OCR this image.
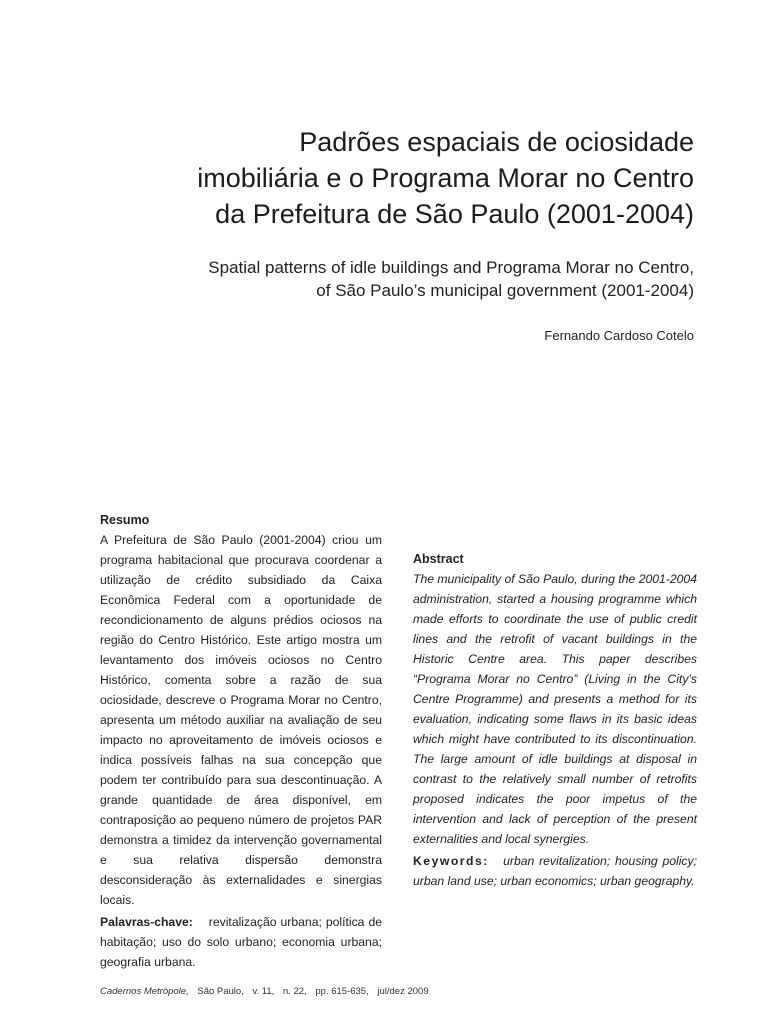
Padrões espaciais de ociosidade
imobiliária e o Programa Morar no Centro
da Prefeitura de São Paulo (2001-2004)
Spatial patterns of idle buildings and Programa Morar no Centro,
of São Paulo’s municipal government (2001-2004)
Fernando Cardoso Cotelo
Resumo

A Prefeitura de São Paulo (2001-2004) criou um programa habitacional que procurava coordenar a utilização de crédito subsidiado da Caixa Econômica Federal com a oportunidade de recondicionamento de alguns prédios ociosos na região do Centro Histórico. Este artigo mostra um levantamento dos imóveis ociosos no Centro Histórico, comenta sobre a razão de sua ociosidade, descreve o Programa Morar no Centro, apresenta um método auxiliar na avaliação de seu impacto no aproveitamento de imóveis ociosos e indica possíveis falhas na sua concepção que podem ter contribuído para sua descontinuação. A grande quantidade de área disponível, em contraposição ao pequeno número de projetos PAR demonstra a timidez da intervenção governamental e sua relativa dispersão demonstra desconsideração às externalidades e sinergias locais.

Palavras-chave: revitalização urbana; política de habitação; uso do solo urbano; economia urbana; geografia urbana.

Abstract

The municipality of São Paulo, during the 2001-2004 administration, started a housing programme which made efforts to coordinate the use of public credit lines and the retrofit of vacant buildings in the Historic Centre area. This paper describes “Programa Morar no Centro” (Living in the City’s Centre Programme) and presents a method for its evaluation, indicating some flaws in its basic ideas which might have contributed to its discontinuation. The large amount of idle buildings at disposal in contrast to the relatively small number of retrofits proposed indicates the poor impetus of the intervention and lack of perception of the present externalities and local synergies.

Keywords: urban revitalization; housing policy; urban land use; urban economics; urban geography.

Cadernos Metrópole, São Paulo, v. 11, n. 22, pp. 615-635, jul/dez 2009
